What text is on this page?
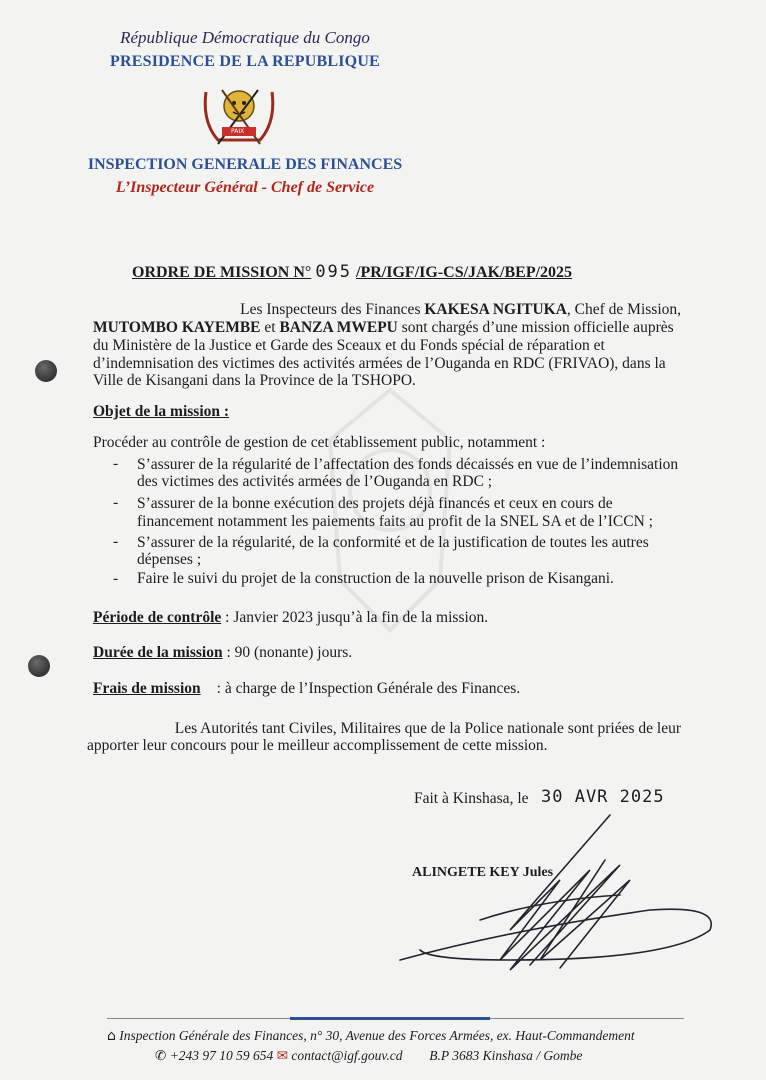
République Démocratique du Congo
PRESIDENCE DE LA REPUBLIQUE
PAIX
INSPECTION GENERALE DES FINANCES
L’Inspecteur Général - Chef de Service
ORDRE DE MISSION N° 095 /PR/IGF/IG-CS/JAK/BEP/2025
Les Inspecteurs des Finances KAKESA NGITUKA, Chef de Mission,
MUTOMBO KAYEMBE et BANZA MWEPU sont chargés d’une mission officielle auprès
du Ministère de la Justice et Garde des Sceaux et du Fonds spécial de réparation et
d’indemnisation des victimes des activités armées de l’Ouganda en RDC (FRIVAO), dans la
Ville de Kisangani dans la Province de la TSHOPO.
Objet de la mission :
Procéder au contrôle de gestion de cet établissement public, notamment :
- S’assurer de la régularité de l’affectation des fonds décaissés en vue de l’indemnisation
des victimes des activités armées de l’Ouganda en RDC ;
- S’assurer de la bonne exécution des projets déjà financés et ceux en cours de
financement notamment les paiements faits au profit de la SNEL SA et de l’ICCN ;
- S’assurer de la régularité, de la conformité et de la justification de toutes les autres
dépenses ;
- Faire le suivi du projet de la construction de la nouvelle prison de Kisangani.
Période de contrôle : Janvier 2023 jusqu’à la fin de la mission.
Durée de la mission : 90 (nonante) jours.
Frais de mission : à charge de l’Inspection Générale des Finances.
Les Autorités tant Civiles, Militaires que de la Police nationale sont priées de leur
apporter leur concours pour le meilleur accomplissement de cette mission.
Fait à Kinshasa, le 30 AVR 2025
ALINGETE KEY Jules
⌂ Inspection Générale des Finances, n° 30, Avenue des Forces Armées, ex. Haut-Commandement
✆ +243 97 10 59 654 ✉ contact@igf.gouv.cd B.P 3683 Kinshasa / Gombe
